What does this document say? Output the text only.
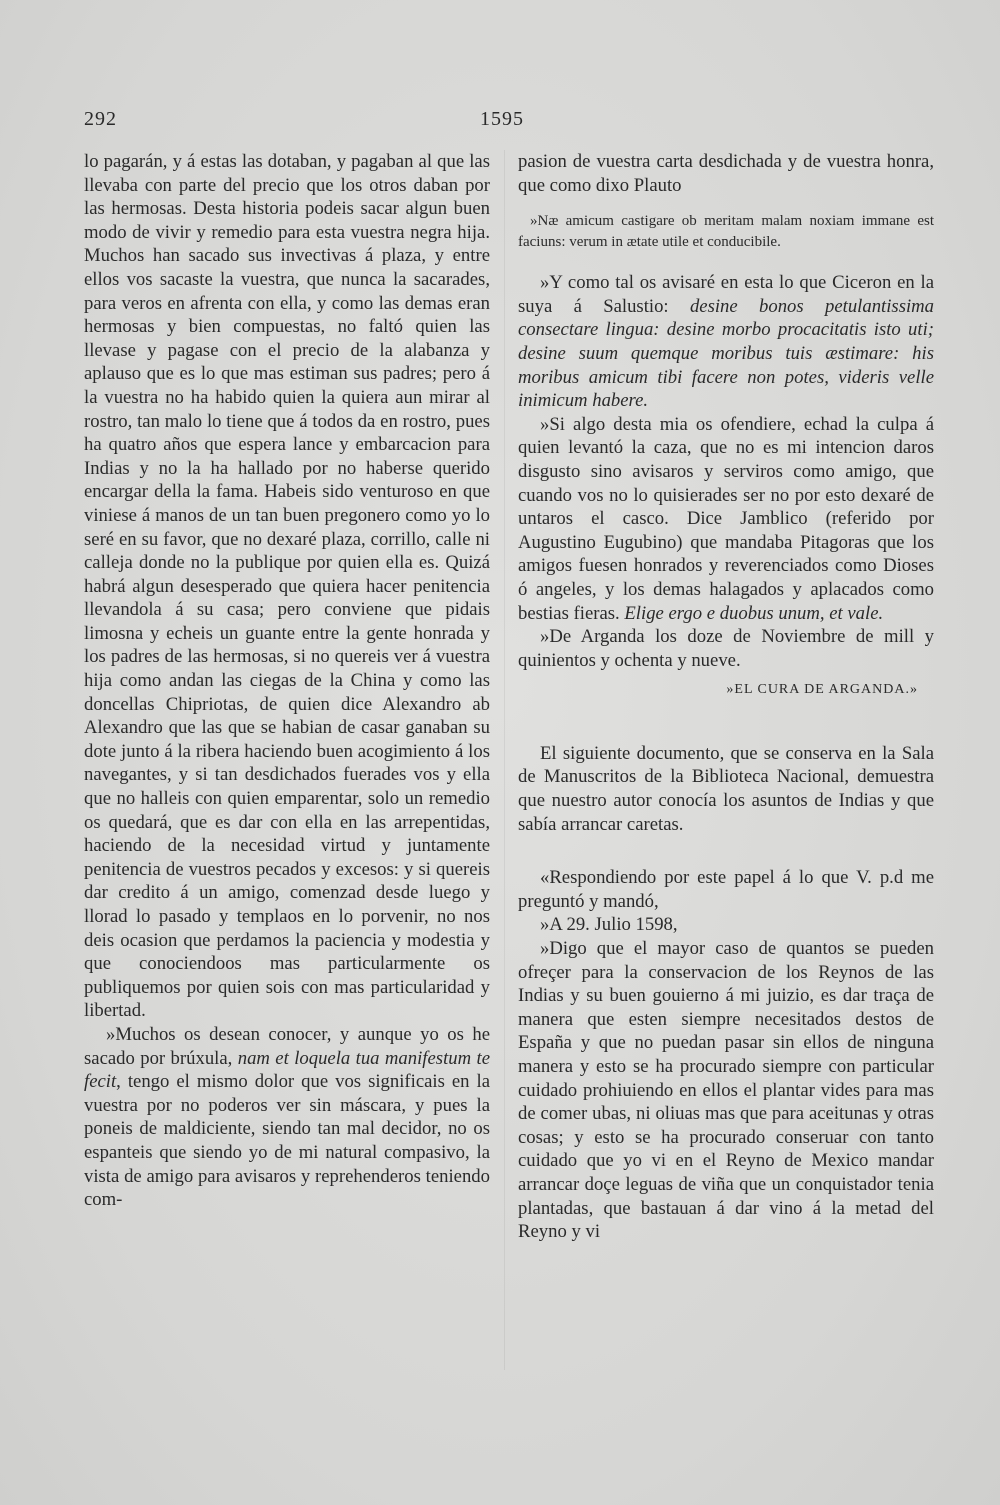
292	1595

lo pagarán, y á estas las dotaban, y pagaban al que las llevaba con parte del precio que los otros daban por las hermosas. Desta historia podeis sacar algun buen modo de vivir y remedio para esta vuestra negra hija. Muchos han sacado sus invectivas á plaza, y entre ellos vos sacaste la vuestra, que nunca la sacarades, para veros en afrenta con ella, y como las demas eran hermosas y bien compuestas, no faltó quien las llevase y pagase con el precio de la alabanza y aplauso que es lo que mas estiman sus padres; pero á la vuestra no ha habido quien la quiera aun mirar al rostro, tan malo lo tiene que á todos da en rostro, pues ha quatro años que espera lance y embarcacion para Indias y no la ha hallado por no haberse querido encargar della la fama. Habeis sido venturoso en que viniese á manos de un tan buen pregonero como yo lo seré en su favor, que no dexaré plaza, corrillo, calle ni calleja donde no la publique por quien ella es. Quizá habrá algun desesperado que quiera hacer penitencia llevandola á su casa; pero conviene que pidais limosna y echeis un guante entre la gente honrada y los padres de las hermosas, si no quereis ver á vuestra hija como andan las ciegas de la China y como las doncellas Chipriotas, de quien dice Alexandro ab Alexandro que las que se habian de casar ganaban su dote junto á la ribera haciendo buen acogimiento á los navegantes, y si tan desdichados fuerades vos y ella que no halleis con quien emparentar, solo un remedio os quedará, que es dar con ella en las arrepentidas, haciendo de la necesidad virtud y juntamente penitencia de vuestros pecados y excesos: y si quereis dar credito á un amigo, comenzad desde luego y llorad lo pasado y templaos en lo porvenir, no nos deis ocasion que perdamos la paciencia y modestia y que conociendoos mas particularmente os publiquemos por quien sois con mas particularidad y libertad.

»Muchos os desean conocer, y aunque yo os he sacado por brúxula, nam et loquela tua manifestum te fecit, tengo el mismo dolor que vos significais en la vuestra por no poderos ver sin máscara, y pues la poneis de maldiciente, siendo tan mal decidor, no os espanteis que siendo yo de mi natural compasivo, la vista de amigo para avisaros y reprehenderos teniendo com-

pasion de vuestra carta desdichada y de vuestra honra, que como dixo Plauto

»Næ amicum castigare ob meritam malam noxiam immane est faciuns: verum in ætate utile et conducibile.

»Y como tal os avisaré en esta lo que Ciceron en la suya á Salustio: desine bonos petulantissima consectare lingua: desine morbo procacitatis isto uti; desine suum quemque moribus tuis æstimare: his moribus amicum tibi facere non potes, videris velle inimicum habere.

»Si algo desta mia os ofendiere, echad la culpa á quien levantó la caza, que no es mi intencion daros disgusto sino avisaros y serviros como amigo, que cuando vos no lo quisierades ser no por esto dexaré de untaros el casco. Dice Jamblico (referido por Augustino Eugubino) que mandaba Pitagoras que los amigos fuesen honrados y reverenciados como Dioses ó angeles, y los demas halagados y aplacados como bestias fieras. Elige ergo e duobus unum, et vale.

»De Arganda los doze de Noviembre de mill y quinientos y ochenta y nueve.

»EL CURA DE ARGANDA.»

El siguiente documento, que se conserva en la Sala de Manuscritos de la Biblioteca Nacional, demuestra que nuestro autor conocía los asuntos de Indias y que sabía arrancar caretas.

«Respondiendo por este papel á lo que V. p.d me preguntó y mandó,

»A 29. Julio 1598,

»Digo que el mayor caso de quantos se pueden ofreçer para la conservacion de los Reynos de las Indias y su buen gouierno á mi juizio, es dar traça de manera que esten siempre necesitados destos de España y que no puedan pasar sin ellos de ninguna manera y esto se ha procurado siempre con particular cuidado prohiuiendo en ellos el plantar vides para mas de comer ubas, ni oliuas mas que para aceitunas y otras cosas; y esto se ha procurado conseruar con tanto cuidado que yo vi en el Reyno de Mexico mandar arrancar doçe leguas de viña que un conquistador tenia plantadas, que bastauan á dar vino á la metad del Reyno y vi
